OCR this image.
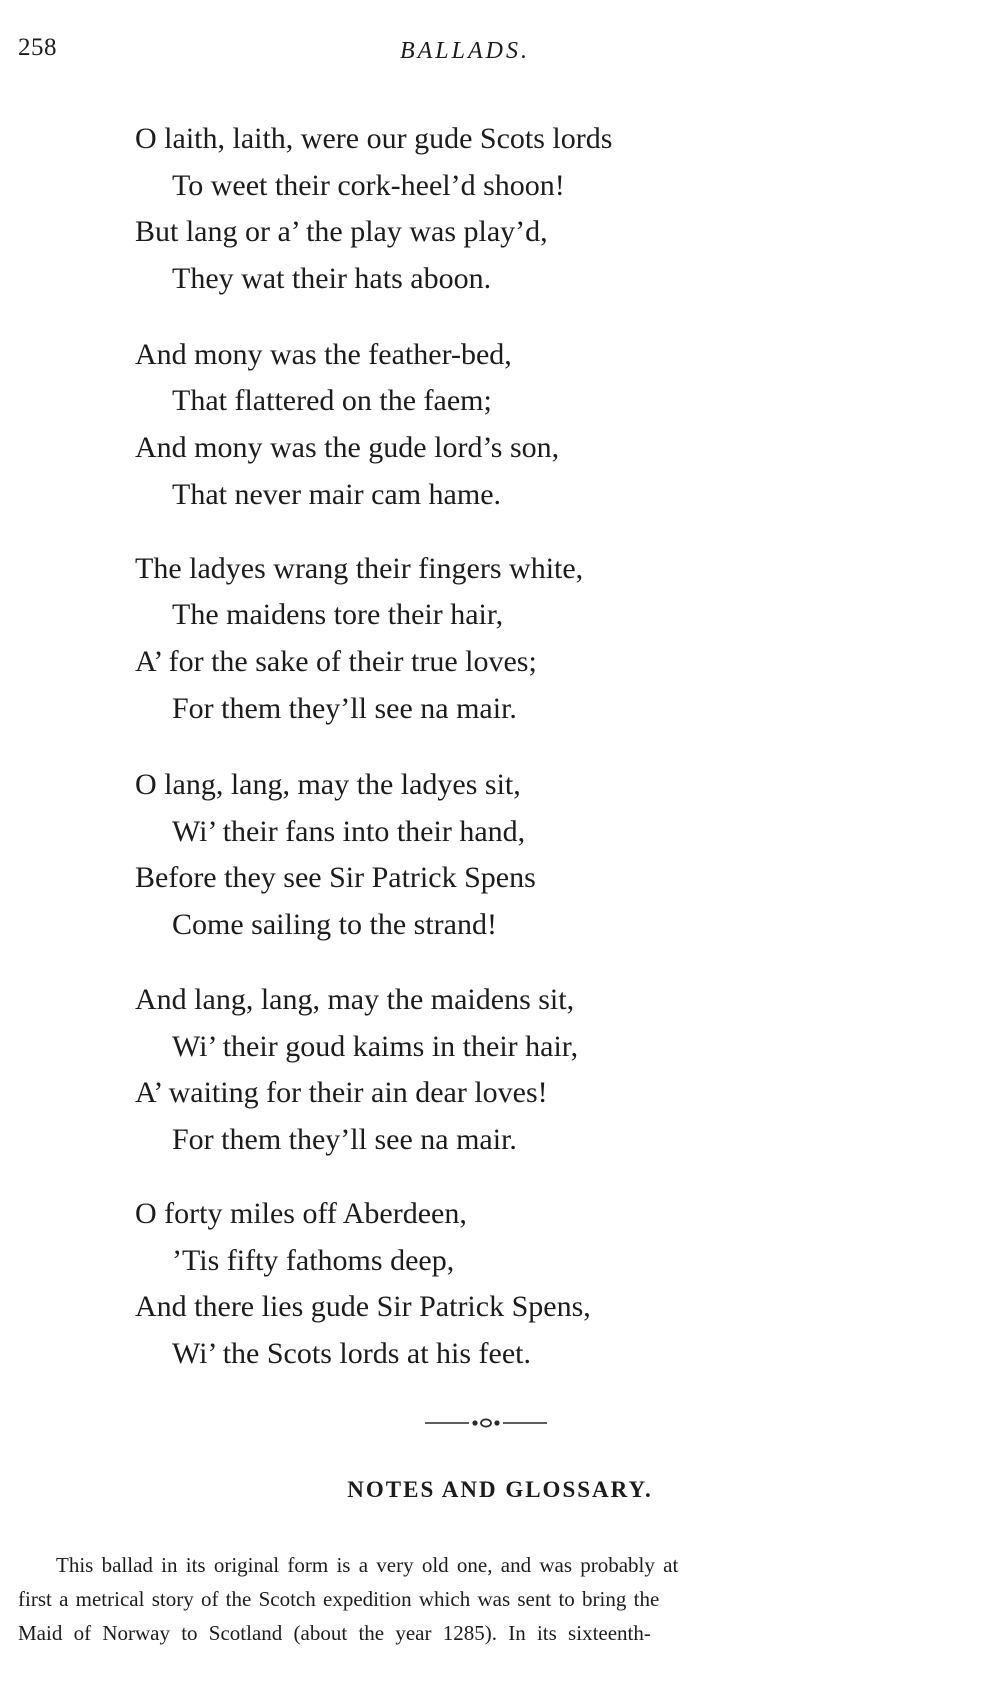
258	BALLADS.
O laith, laith, were our gude Scots lords
To weet their cork-heel’d shoon!
But lang or a’ the play was play’d,
They wat their hats aboon.
And mony was the feather-bed,
That flattered on the faem;
And mony was the gude lord’s son,
That never mair cam hame.
The ladyes wrang their fingers white,
The maidens tore their hair,
A’ for the sake of their true loves;
For them they’ll see na mair.
O lang, lang, may the ladyes sit,
Wi’ their fans into their hand,
Before they see Sir Patrick Spens
Come sailing to the strand!
And lang, lang, may the maidens sit,
Wi’ their goud kaims in their hair,
A’ waiting for their ain dear loves!
For them they’ll see na mair.
O forty miles off Aberdeen,
’Tis fifty fathoms deep,
And there lies gude Sir Patrick Spens,
Wi’ the Scots lords at his feet.
NOTES AND GLOSSARY.
This ballad in its original form is a very old one, and was probably at
first a metrical story of the Scotch expedition which was sent to bring the
Maid of Norway to Scotland (about the year 1285). In its sixteenth-
